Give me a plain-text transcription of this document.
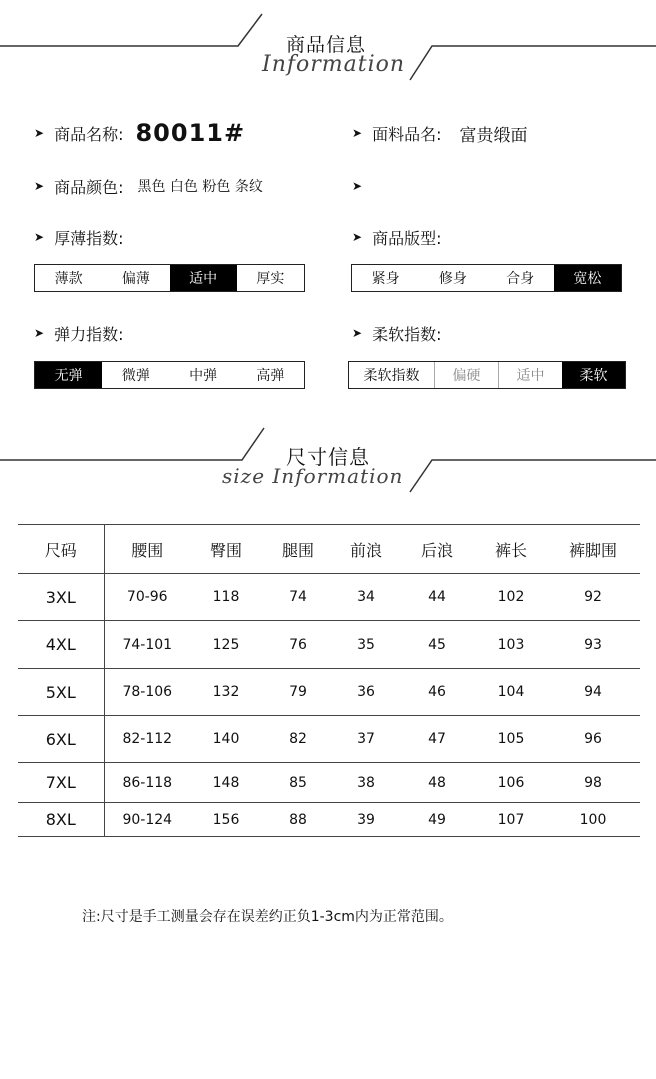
商品信息
Information
➤ 商品名称: 80011#	➤ 面料品名: 富贵缎面
➤ 商品颜色: 黑色 白色 粉色 条纹	➤
➤ 厚薄指数:	➤ 商品版型:
薄款	偏薄	适中	厚实	紧身	修身	合身	宽松
➤ 弹力指数:	➤ 柔软指数:
无弹	微弹	中弹	高弹	柔软指数	偏硬	适中	柔软
尺寸信息
size Information
尺码	腰围	臀围	腿围	前浪	后浪	裤长	裤脚围
3XL	70-96	118	74	34	44	102	92
4XL	74-101	125	76	35	45	103	93
5XL	78-106	132	79	36	46	104	94
6XL	82-112	140	82	37	47	105	96
7XL	86-118	148	85	38	48	106	98
8XL	90-124	156	88	39	49	107	100
注:尺寸是手工测量会存在误差约正负1-3cm内为正常范围。
